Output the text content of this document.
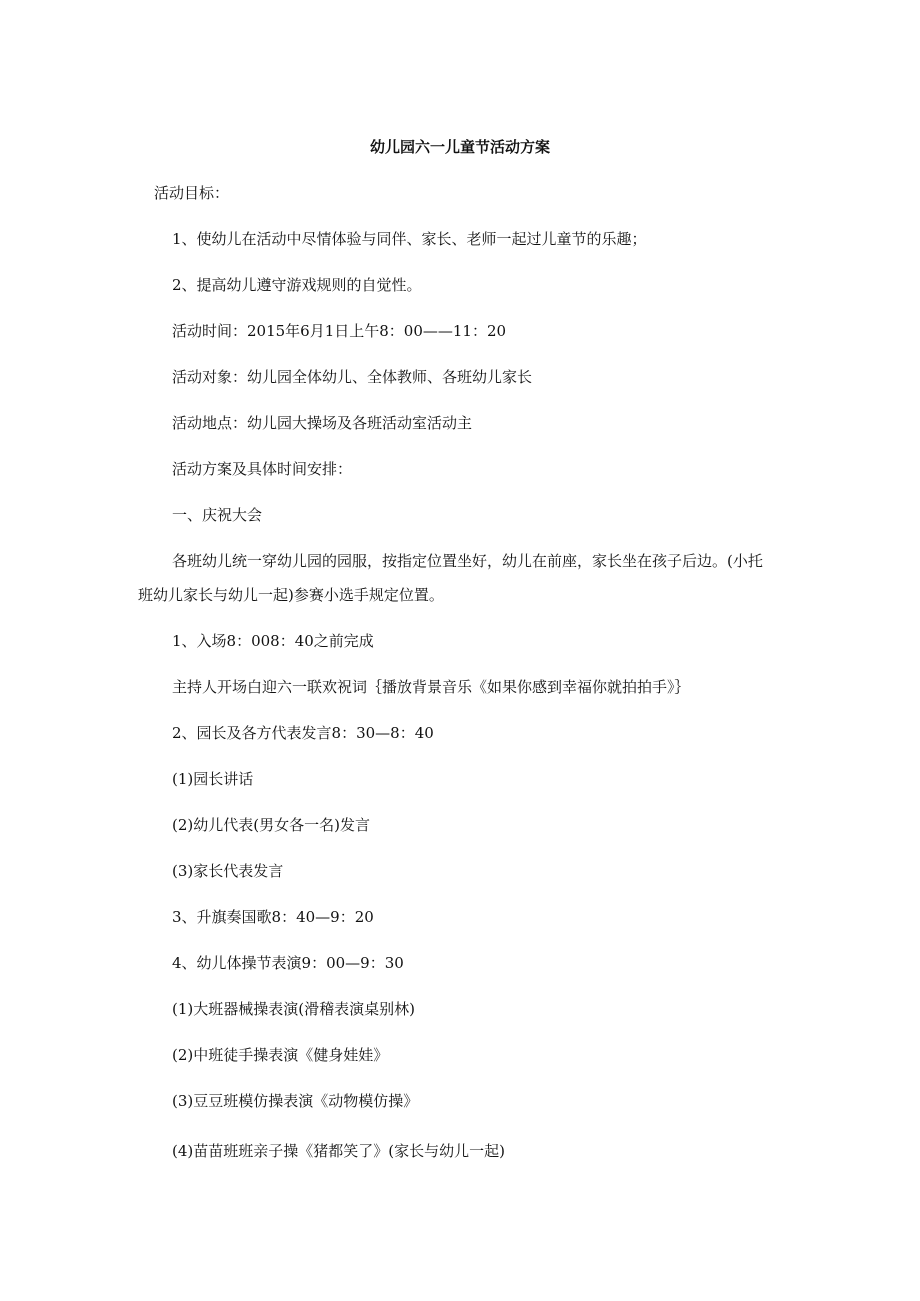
幼儿园六一儿童节活动方案

活动目标：

1、使幼儿在活动中尽情体验与同伴、家长、老师一起过儿童节的乐趣；

2、提高幼儿遵守游戏规则的自觉性。

活动时间：2015年6月1日上午8：00——11：20

活动对象：幼儿园全体幼儿、全体教师、各班幼儿家长

活动地点：幼儿园大操场及各班活动室活动主

活动方案及具体时间安排：

一、庆祝大会

各班幼儿统一穿幼儿园的园服，按指定位置坐好，幼儿在前座，家长坐在孩子后边。(小托

班幼儿家长与幼儿一起)参赛小选手规定位置。

1、入场8：008：40之前完成

主持人开场白迎六一联欢祝词｛播放背景音乐《如果你感到幸福你就拍拍手》｝

2、园长及各方代表发言8：30—8：40

(1)园长讲话

(2)幼儿代表(男女各一名)发言

(3)家长代表发言

3、升旗奏国歌8：40—9：20

4、幼儿体操节表演9：00—9：30

(1)大班器械操表演(滑稽表演桌别林)

(2)中班徒手操表演《健身娃娃》

(3)豆豆班模仿操表演《动物模仿操》

(4)苗苗班班亲子操《猪都笑了》(家长与幼儿一起)
